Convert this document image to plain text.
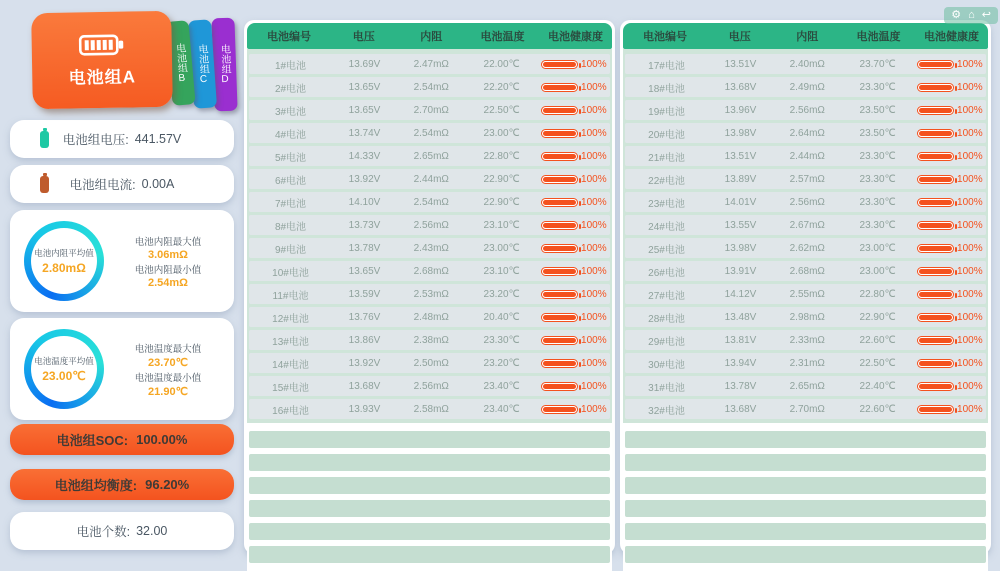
⚙ ⌂ ↩
电池组D
电池组C
电池组B
电池组A
电池组电压: 441.57V
电池组电流: 0.00A
电池内阻平均值
2.80mΩ
电池内阻最大值
3.06mΩ
电池内阻最小值
2.54mΩ
电池温度平均值
23.00℃
电池温度最大值
23.70℃
电池温度最小值
21.90℃
电池组SOC: 100.00%
电池组均衡度: 96.20%
电池个数: 32.00
电池编号	电压	内阻	电池温度	电池健康度
1#电池	13.69V	2.47mΩ	22.00℃	100%
2#电池	13.65V	2.54mΩ	22.20℃	100%
3#电池	13.65V	2.70mΩ	22.50℃	100%
4#电池	13.74V	2.54mΩ	23.00℃	100%
5#电池	14.33V	2.65mΩ	22.80℃	100%
6#电池	13.92V	2.44mΩ	22.90℃	100%
7#电池	14.10V	2.54mΩ	22.90℃	100%
8#电池	13.73V	2.56mΩ	23.10℃	100%
9#电池	13.78V	2.43mΩ	23.00℃	100%
10#电池	13.65V	2.68mΩ	23.10℃	100%
11#电池	13.59V	2.53mΩ	23.20℃	100%
12#电池	13.76V	2.48mΩ	20.40℃	100%
13#电池	13.86V	2.38mΩ	23.30℃	100%
14#电池	13.92V	2.50mΩ	23.20℃	100%
15#电池	13.68V	2.56mΩ	23.40℃	100%
16#电池	13.93V	2.58mΩ	23.40℃	100%
电池编号	电压	内阻	电池温度	电池健康度
17#电池	13.51V	2.40mΩ	23.70℃	100%
18#电池	13.68V	2.49mΩ	23.30℃	100%
19#电池	13.96V	2.56mΩ	23.50℃	100%
20#电池	13.98V	2.64mΩ	23.50℃	100%
21#电池	13.51V	2.44mΩ	23.30℃	100%
22#电池	13.89V	2.57mΩ	23.30℃	100%
23#电池	14.01V	2.56mΩ	23.30℃	100%
24#电池	13.55V	2.67mΩ	23.30℃	100%
25#电池	13.98V	2.62mΩ	23.00℃	100%
26#电池	13.91V	2.68mΩ	23.00℃	100%
27#电池	14.12V	2.55mΩ	22.80℃	100%
28#电池	13.48V	2.98mΩ	22.90℃	100%
29#电池	13.81V	2.33mΩ	22.60℃	100%
30#电池	13.94V	2.31mΩ	22.50℃	100%
31#电池	13.78V	2.65mΩ	22.40℃	100%
32#电池	13.68V	2.70mΩ	22.60℃	100%
